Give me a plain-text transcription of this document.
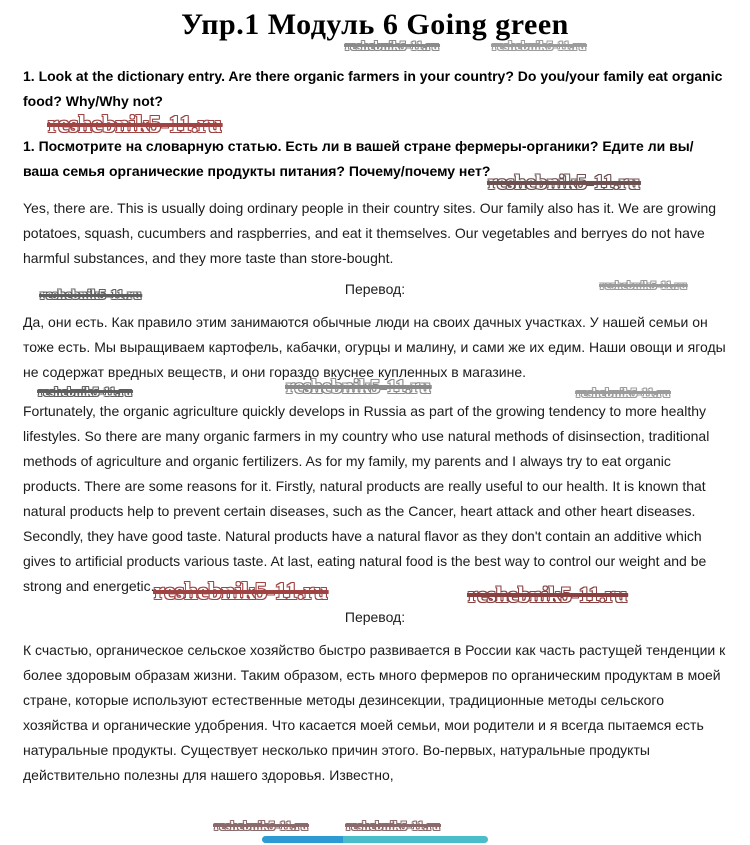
Упр.1 Модуль 6 Going green

1. Look at the dictionary entry. Are there organic farmers in your country? Do you/your family eat organic food? Why/Why not?

1. Посмотрите на словарную статью. Есть ли в вашей стране фермеры-органики? Едите ли вы/ваша семья органические продукты питания? Почему/почему нет?

Yes, there are. This is usually doing ordinary people in their country sites. Our family also has it. We are growing potatoes, squash, cucumbers and raspberries, and eat it themselves. Our vegetables and berryes do not have harmful substances, and they more taste than store-bought.

Перевод:

Да, они есть. Как правило этим занимаются обычные люди на своих дачных участках. У нашей семьи он тоже есть. Мы выращиваем картофель, кабачки, огурцы и малину, и сами же их едим. Наши овощи и ягоды не содержат вредных веществ, и они гораздо вкуснее купленных в магазине.

Fortunately, the organic agriculture quickly develops in Russia as part of the growing tendency to more healthy lifestyles. So there are many organic farmers in my country who use natural methods of disinsection, traditional methods of agriculture and organic fertilizers. As for my family, my parents and I always try to eat organic products. There are some reasons for it. Firstly, natural products are really useful to our health. It is known that natural products help to prevent certain diseases, such as the Cancer, heart attack and other heart diseases. Secondly, they have good taste. Natural products have a natural flavor as they don't contain an additive which gives to artificial products various taste. At last, eating natural food is the best way to control our weight and be strong and energetic.

Перевод:

К счастью, органическое сельское хозяйство быстро развивается в России как часть растущей тенденции к более здоровым образам жизни. Таким образом, есть много фермеров по органическим продуктам в моей стране, которые используют естественные методы дезинсекции, традиционные методы сельского хозяйства и органические удобрения. Что касается моей семьи, мои родители и я всегда пытаемся есть натуральные продукты. Существует несколько причин этого. Во-первых, натуральные продукты действительно полезны для нашего здоровья. Известно,

reshebnik5-11.ru	reshebnik5-11.ru
reshebnik5-11.ru
reshebnik5-11.ru
reshebnik5-11.ru
reshebnik5-11.ru
reshebnik5-11.ru	reshebnik5-11.ru	reshebnik5-11.ru
reshebnik5-11.ru	reshebnik5-11.ru
reshebnik5-11.ru	reshebnik5-11.ru
